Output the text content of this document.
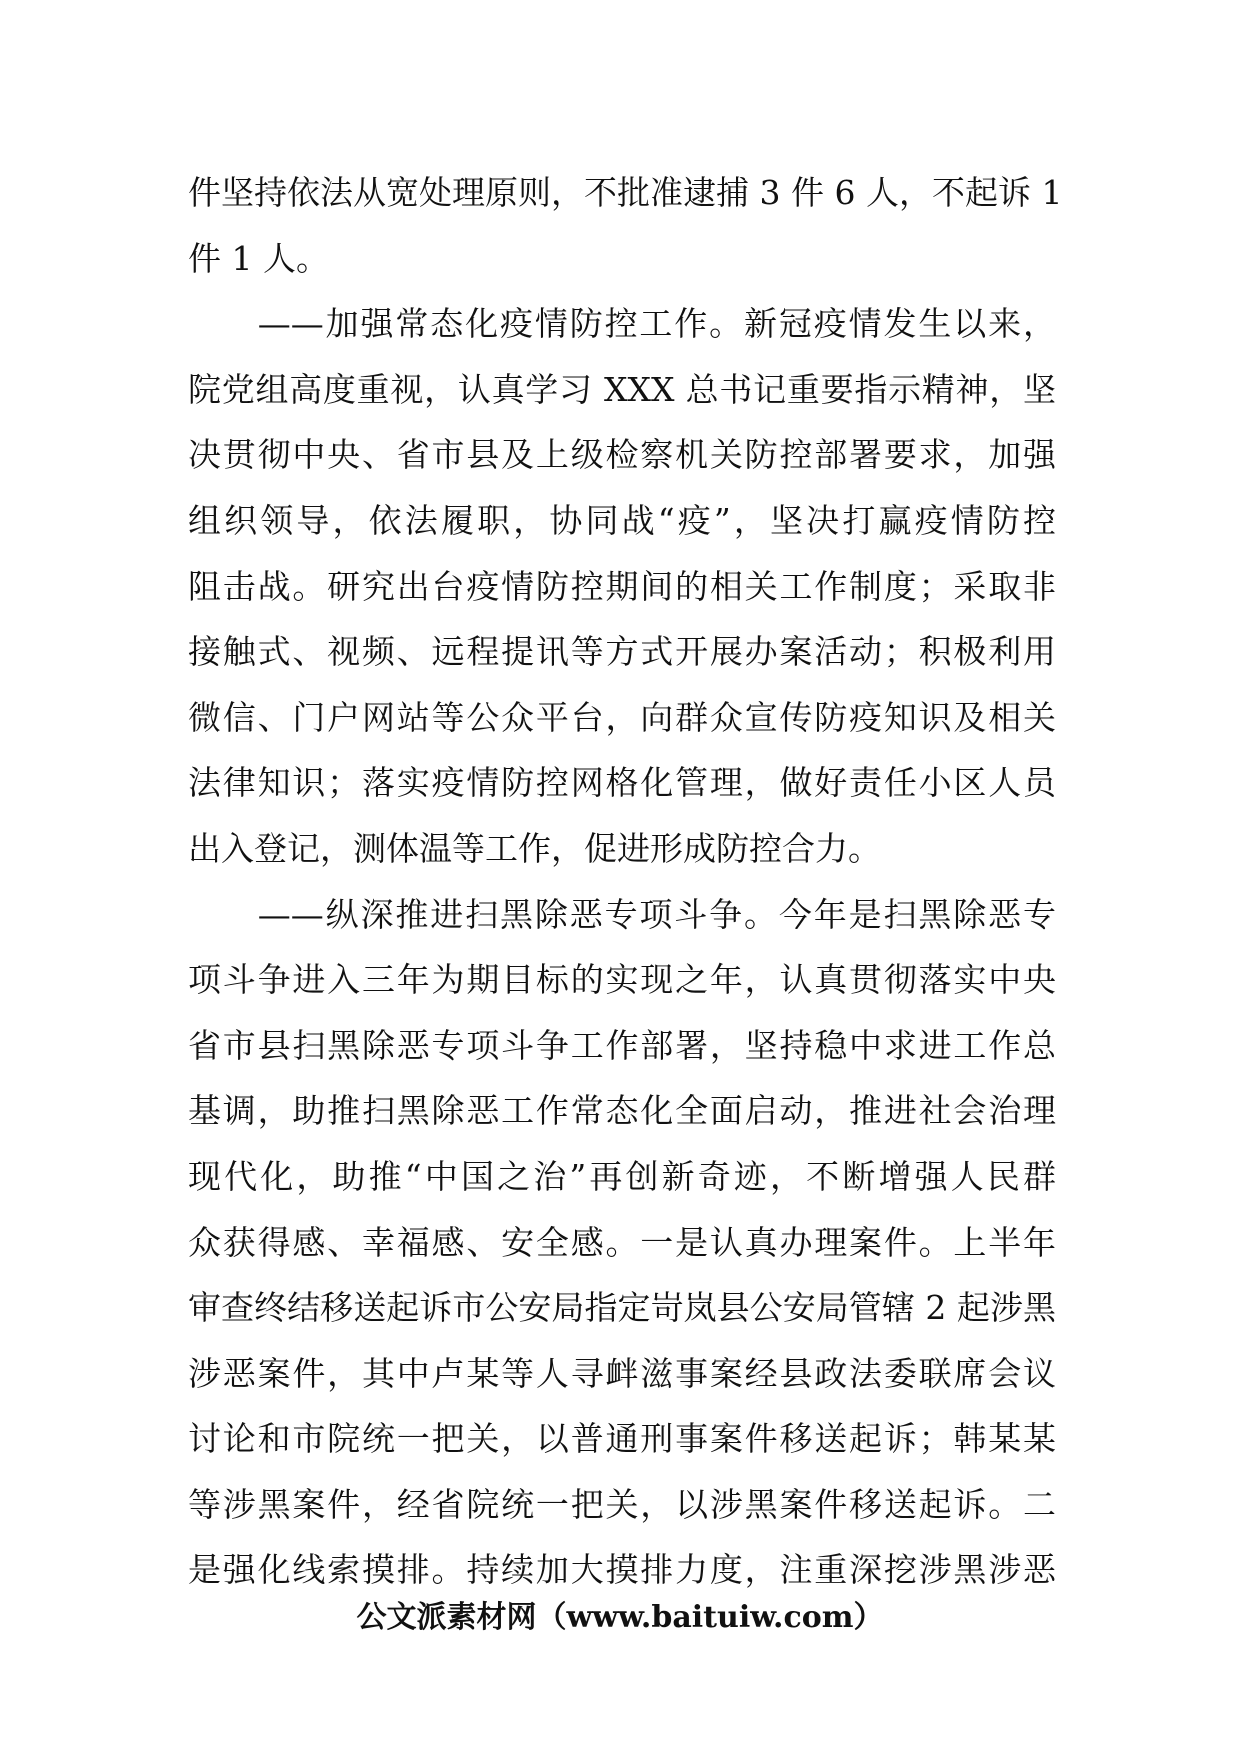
件坚持依法从宽处理原则，不批准逮捕 3 件 6 人，不起诉 1
件 1 人。
　　——加强常态化疫情防控工作。新冠疫情发生以来，
院党组高度重视，认真学习 XXX 总书记重要指示精神，坚
决贯彻中央、省市县及上级检察机关防控部署要求，加强
组织领导，依法履职，协同战“疫”，坚决打赢疫情防控
阻击战。研究出台疫情防控期间的相关工作制度；采取非
接触式、视频、远程提讯等方式开展办案活动；积极利用
微信、门户网站等公众平台，向群众宣传防疫知识及相关
法律知识；落实疫情防控网格化管理，做好责任小区人员
出入登记，测体温等工作，促进形成防控合力。
　　——纵深推进扫黑除恶专项斗争。今年是扫黑除恶专
项斗争进入三年为期目标的实现之年，认真贯彻落实中央
省市县扫黑除恶专项斗争工作部署，坚持稳中求进工作总
基调，助推扫黑除恶工作常态化全面启动，推进社会治理
现代化，助推“中国之治”再创新奇迹，不断增强人民群
众获得感、幸福感、安全感。一是认真办理案件。上半年
审查终结移送起诉市公安局指定岢岚县公安局管辖 2 起涉黑
涉恶案件，其中卢某等人寻衅滋事案经县政法委联席会议
讨论和市院统一把关，以普通刑事案件移送起诉；韩某某
等涉黑案件，经省院统一把关，以涉黑案件移送起诉。二
是强化线索摸排。持续加大摸排力度，注重深挖涉黑涉恶
公文派素材网（www.baituiw.com）
